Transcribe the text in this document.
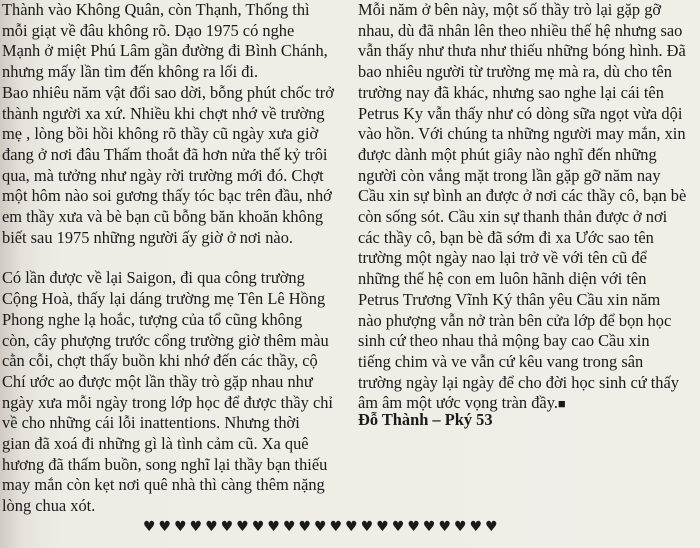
Thành vào Không Quân, còn Thạnh, Thống thì
mỗi giạt về đâu không rõ. Dạo 1975 có nghe
Mạnh ở miệt Phú Lâm gần đường đi Bình Chánh,
nhưng mấy lần tìm đến không ra lối đi.
Bao nhiêu năm vật đổi sao dời, bỗng phút chốc trở
thành người xa xứ. Nhiều khi chợt nhớ về trường
mẹ , lòng bồi hồi không rõ thầy cũ ngày xưa giờ
đang ở nơi đâu Thấm thoắt đã hơn nửa thế kỷ trôi
qua, mà tưởng như ngày rời trường mới đó. Chợt
một hôm nào soi gương thấy tóc bạc trên đầu, nhớ
em thầy xưa và bè bạn cũ bỗng băn khoăn không
biết sau 1975 những người ấy giờ ở nơi nào.
Có lần được về lại Saigon, đi qua công trường
Cộng Hoà, thấy lại dáng trường mẹ Tên Lê Hồng
Phong nghe lạ hoắc, tượng của tổ cũng không
còn, cây phượng trước cổng trường giờ thêm màu
cằn cỗi, chợt thấy buồn khi nhớ đến các thầy, cộ
Chí ước ao được một lần thầy trò gặp nhau như
ngày xưa mỗi ngày trong lớp học để được thầy chỉ
về cho những cái lỗi inattentions. Nhưng thời
gian đã xoá đi những gì là tình cảm cũ. Xa quê
hương đã thấm buồn, song nghĩ lại thầy bạn thiếu
may mắn còn kẹt nơi quê nhà thì càng thêm nặng
lòng chua xót.
Mỗi năm ở bên này, một số thầy trò lại gặp gỡ
nhau, dù đã nhân lên theo nhiều thế hệ nhưng sao
vẫn thấy như thưa như thiếu những bóng hình. Đã
bao nhiêu người từ trường mẹ mà ra, dù cho tên
trường nay đã khác, nhưng sao nghe lại cái tên
Petrus Ky vẫn thấy như có dòng sữa ngọt vừa dội
vào hồn. Với chúng ta những người may mắn, xin
được dành một phút giây nào nghĩ đến những
người còn vắng mặt trong lần gặp gỡ năm nay
Cầu xin sự bình an được ở nơi các thầy cô, bạn bè
còn sống sót. Cầu xin sự thanh thản được ở nơi
các thầy cô, bạn bè đã sớm đi xa Ước sao tên
trường một ngày nao lại trở về với tên cũ để
những thế hệ con em luôn hãnh diện với tên
Petrus Trương Vĩnh Ký thân yêu Cầu xin năm
nào phượng vẫn nở tràn bên cửa lớp để bọn học
sinh cứ theo nhau thả mộng bay cao Cầu xin
tiếng chim và ve vẫn cứ kêu vang trong sân
trường ngày lại ngày để cho đời học sinh cứ thấy
âm âm một ước vọng tràn đầy.■
Đỗ Thành – Pký 53
♥♥♥♥♥♥♥♥♥♥♥♥♥♥♥♥♥♥♥♥♥♥♥
